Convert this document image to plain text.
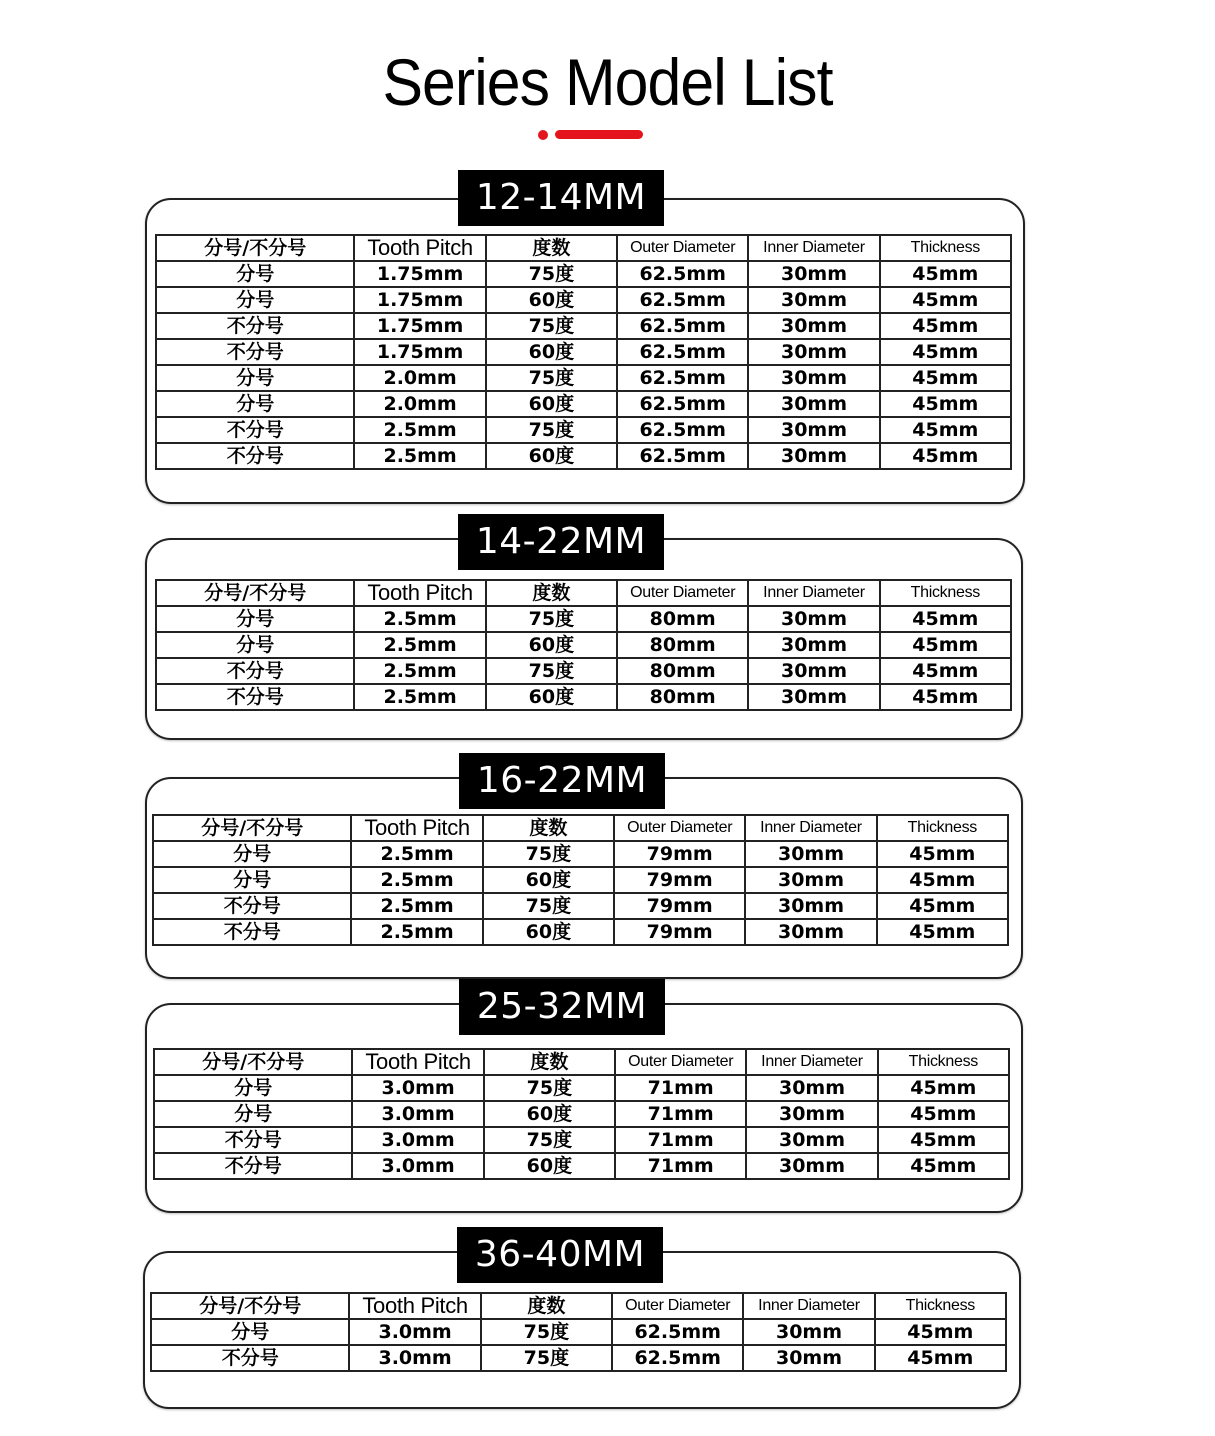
Series Model List
12-14MM
分号/不分号	Tooth Pitch	度数	Outer Diameter	Inner Diameter	Thickness
分号	1.75mm	75度	62.5mm	30mm	45mm
分号	1.75mm	60度	62.5mm	30mm	45mm
不分号	1.75mm	75度	62.5mm	30mm	45mm
不分号	1.75mm	60度	62.5mm	30mm	45mm
分号	2.0mm	75度	62.5mm	30mm	45mm
分号	2.0mm	60度	62.5mm	30mm	45mm
不分号	2.5mm	75度	62.5mm	30mm	45mm
不分号	2.5mm	60度	62.5mm	30mm	45mm
14-22MM
分号/不分号	Tooth Pitch	度数	Outer Diameter	Inner Diameter	Thickness
分号	2.5mm	75度	80mm	30mm	45mm
分号	2.5mm	60度	80mm	30mm	45mm
不分号	2.5mm	75度	80mm	30mm	45mm
不分号	2.5mm	60度	80mm	30mm	45mm
16-22MM
分号/不分号	Tooth Pitch	度数	Outer Diameter	Inner Diameter	Thickness
分号	2.5mm	75度	79mm	30mm	45mm
分号	2.5mm	60度	79mm	30mm	45mm
不分号	2.5mm	75度	79mm	30mm	45mm
不分号	2.5mm	60度	79mm	30mm	45mm
25-32MM
分号/不分号	Tooth Pitch	度数	Outer Diameter	Inner Diameter	Thickness
分号	3.0mm	75度	71mm	30mm	45mm
分号	3.0mm	60度	71mm	30mm	45mm
不分号	3.0mm	75度	71mm	30mm	45mm
不分号	3.0mm	60度	71mm	30mm	45mm
36-40MM
分号/不分号	Tooth Pitch	度数	Outer Diameter	Inner Diameter	Thickness
分号	3.0mm	75度	62.5mm	30mm	45mm
不分号	3.0mm	75度	62.5mm	30mm	45mm
